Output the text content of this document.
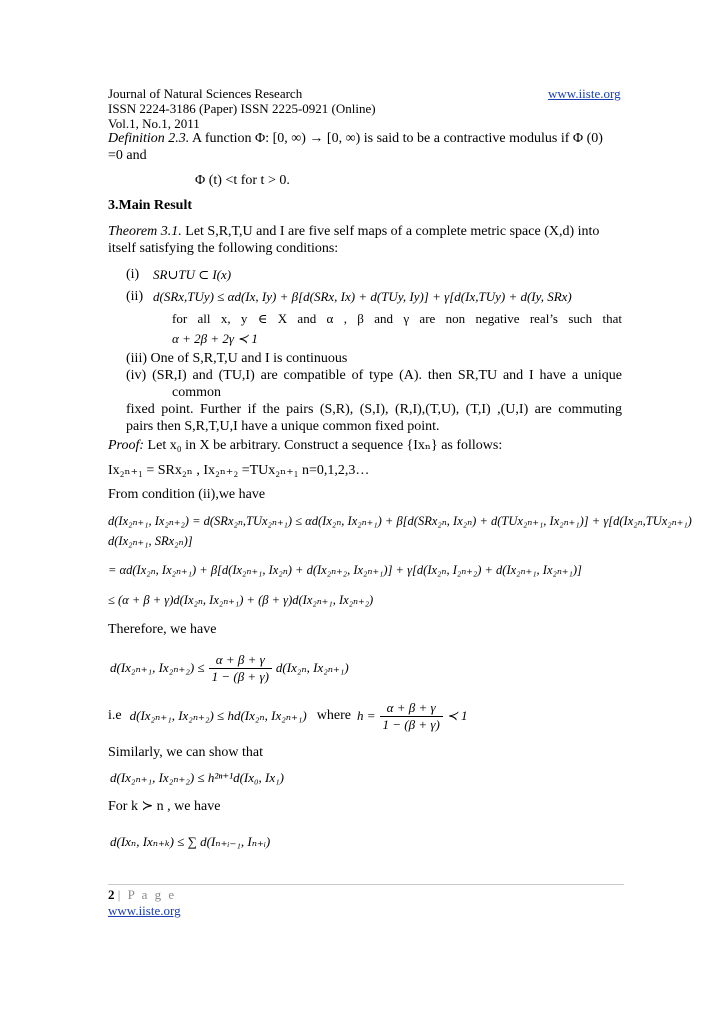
Journal of Natural Sciences Research	www.iiste.org
ISSN 2224-3186 (Paper) ISSN 2225-0921 (Online)
Vol.1, No.1, 2011
Definition 2.3. A function Φ: [0, ∞) → [0, ∞) is said to be a contractive modulus if Φ (0)
=0 and
Φ (t) <t for t > 0.
3.Main Result
Theorem 3.1. Let S,R,T,U and I are five self maps of a complete metric space (X,d) into
itself satisfying the following conditions:
(i) SR∪TU ⊂ I(x)
(ii) d(SRx,TUy) ≤ αd(Ix, Iy) + β[d(SRx, Ix) + d(TUy, Iy)] + γ[d(Ix,TUy) + d(Iy, SRx)
for all x, y ∈ X and α , β and γ are non negative real’s such that
α + 2β + 2γ ≺ 1
(iii) One of S,R,T,U and I is continuous
(iv) (SR,I) and (TU,I) are compatible of type (A). then SR,TU and I have a unique
common
fixed point. Further if the pairs (S,R), (S,I), (R,I),(T,U), (T,I) ,(U,I) are commuting
pairs then S,R,T,U,I have a unique common fixed point.
Proof: Let x₀ in X be arbitrary. Construct a sequence {Ixₙ} as follows:
Ix₂ₙ₊₁ = SRx₂ₙ , Ix₂ₙ₊₂ =TUx₂ₙ₊₁ n=0,1,2,3…
From condition (ii),we have
d(Ix₂ₙ₊₁, Ix₂ₙ₊₂) = d(SRx₂ₙ,TUx₂ₙ₊₁) ≤ αd(Ix₂ₙ, Ix₂ₙ₊₁) + β[d(SRx₂ₙ, Ix₂ₙ) + d(TUx₂ₙ₊₁, Ix₂ₙ₊₁)] + γ[d(Ix₂ₙ,TUx₂ₙ₊₁)
d(Ix₂ₙ₊₁, SRx₂ₙ)]
= αd(Ix₂ₙ, Ix₂ₙ₊₁) + β[d(Ix₂ₙ₊₁, Ix₂ₙ) + d(Ix₂ₙ₊₂, Ix₂ₙ₊₁)] + γ[d(Ix₂ₙ, I₂ₙ₊₂) + d(Ix₂ₙ₊₁, Ix₂ₙ₊₁)]
≤ (α + β + γ)d(Ix₂ₙ, Ix₂ₙ₊₁) + (β + γ)d(Ix₂ₙ₊₁, Ix₂ₙ₊₂)
Therefore, we have
d(Ix₂ₙ₊₁, $Ix_{2n+2}) \le \frac{\alpha + \beta + \gamma}{1 - (\beta + \gamma)} d(Ix_{2n}$, Ix₂ₙ₊₁)
i.e d(Ix₂ₙ₊₁, Ix₂ₙ₊₂) ≤ hd(Ix₂ₙ, Ix₂ₙ₊₁) where $h = \frac{\alpha + \beta + \gamma}{1 - (\beta + \gamma)}$ ≺ 1
Similarly, we can show that
d(Ix₂ₙ₊₁, Ix₂ₙ₊₂) ≤ h²ⁿ⁺¹d(Ix₀, Ix₁)
For k ≻ n , we have
d(Ixₙ, Ixₙ₊ₖ) ≤ ∑ d(Iₙ₊ᵢ₋₁, Iₙ₊ᵢ)
2 | P a g e
www.iiste.org
